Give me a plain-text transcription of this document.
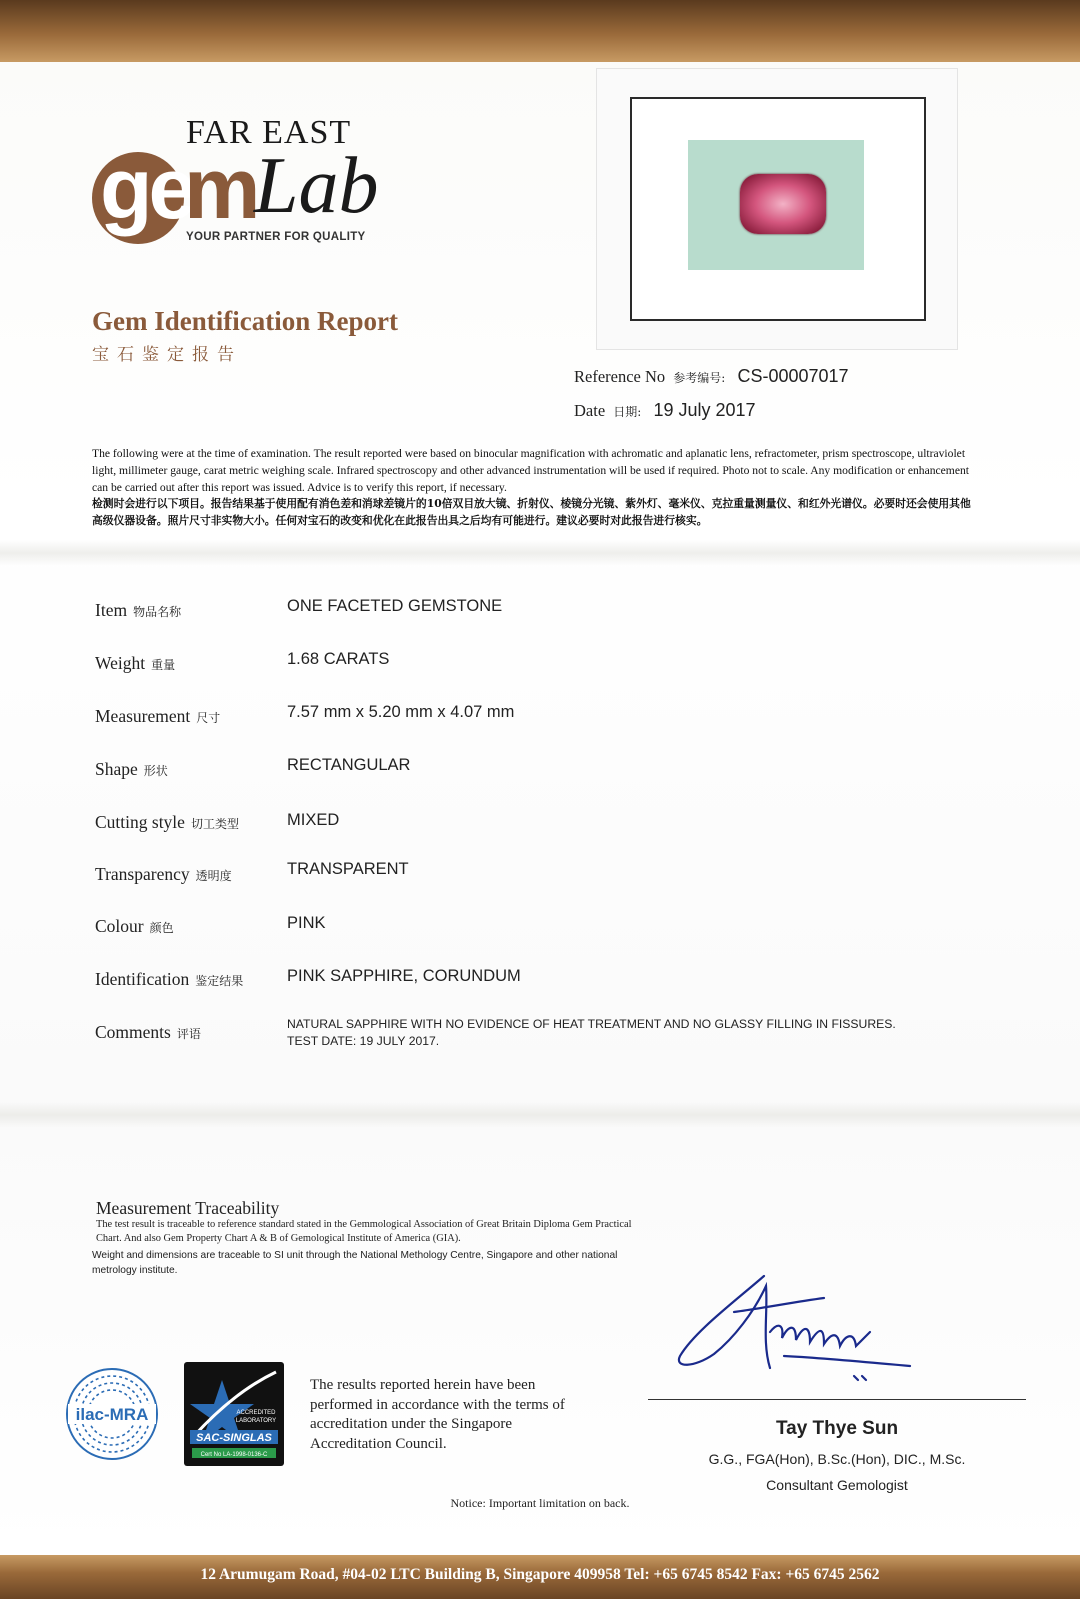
FAR EAST
ge
m
Lab
YOUR PARTNER FOR QUALITY
Gem Identification Report
宝石鉴定报告
Reference No 参考编号: CS-00007017
Date 日期: 19 July 2017
The following were at the time of examination. The result reported were based on binocular magnification with achromatic and aplanatic lens, refractometer, prism spectroscope, ultraviolet light, millimeter gauge, carat metric weighing scale. Infrared spectroscopy and other advanced instrumentation will be used if required. Photo not to scale. Any modification or enhancement can be carried out after this report was issued. Advice is to verify this report, if necessary.
检测时会进行以下项目。报告结果基于使用配有消色差和消球差镜片的10倍双目放大镜、折射仪、棱镜分光镜、紫外灯、毫米仪、克拉重量测量仪、和红外光谱仪。必要时还会使用其他高级仪器设备。照片尺寸非实物大小。任何对宝石的改变和优化在此报告出具之后均有可能进行。建议必要时对此报告进行核实。
Item 物品名称	ONE FACETED GEMSTONE
Weight 重量	1.68 CARATS
Measurement 尺寸	7.57 mm x 5.20 mm x 4.07 mm
Shape 形状	RECTANGULAR
Cutting style 切工类型	MIXED
Transparency 透明度	TRANSPARENT
Colour 颜色	PINK
Identification 鉴定结果	PINK SAPPHIRE, CORUNDUM
Comments 评语
NATURAL SAPPHIRE WITH NO EVIDENCE OF HEAT TREATMENT AND NO GLASSY FILLING IN FISSURES.
TEST DATE: 19 JULY 2017.
Measurement Traceability
The test result is traceable to reference standard stated in the Gemmological Association of Great Britain Diploma Gem Practical Chart. And also Gem Property Chart A & B of Gemological Institute of America (GIA).
Weight and dimensions are traceable to SI unit through the National Methology Centre, Singapore and other national metrology institute.
ilac-MRA	ACCREDITED
LABORATORY
SAC-SINGLAS
Cert No LA-1998-0136-C
The results reported herein have been performed in accordance with the terms of accreditation under the Singapore Accreditation Council.
Tay Thye Sun
G.G., FGA(Hon), B.Sc.(Hon), DIC., M.Sc.
Consultant Gemologist
Notice: Important limitation on back.
12 Arumugam Road, #04-02 LTC Building B, Singapore 409958 Tel: +65 6745 8542 Fax: +65 6745 2562
